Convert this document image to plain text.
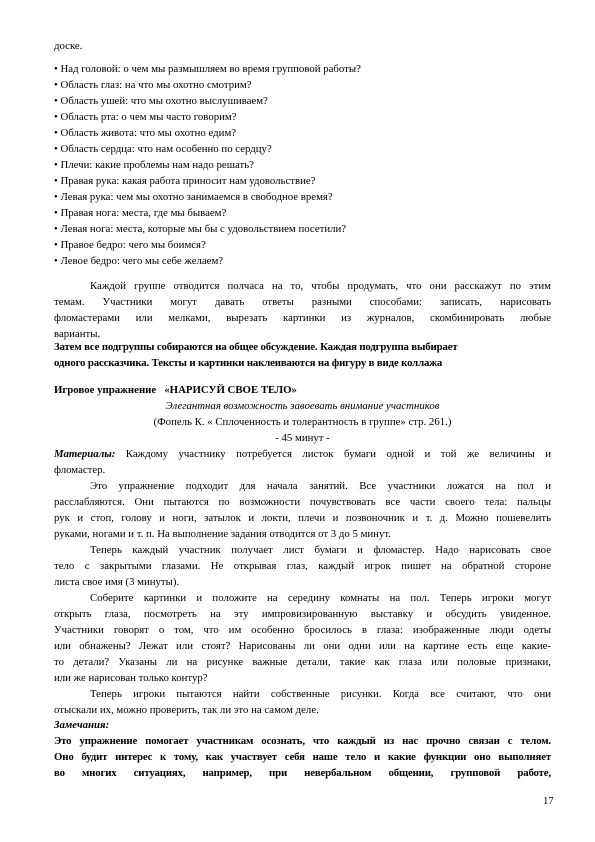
доске.
• Над головой: о чем мы размышляем во время групповой работы?
• Область глаз: на что мы охотно смотрим?
• Область ушей: что мы охотно выслушиваем?
• Область рта: о чем мы часто говорим?
• Область живота: что мы охотно едим?
• Область сердца: что нам особенно по сердцу?
• Плечи: какие проблемы нам надо решать?
• Правая рука: какая работа приносит нам удовольствие?
• Левая рука: чем мы охотно занимаемся в свободное время?
• Правая нога: места, где мы бываем?
• Левая нога: места, которые мы бы с удовольствием посетили?
• Правое бедро: чего мы боимся?
• Левое бедро: чего мы себе желаем?
Каждой группе отводится полчаса на то, чтобы продумать, что они расскажут по этим
темам. Участники могут давать ответы разными способами: записать, нарисовать
фломастерами или мелками, вырезать картинки из журналов, скомбинировать любые
варианты.
Затем все подгруппы собираются на общее обсуждение. Каждая подгруппа выбирает
одного рассказчика. Тексты и картинки наклеиваются на фигуру в виде коллажа
Игровое упражнение   «НАРИСУЙ СВОЕ ТЕЛО»
Элегантная возможность завоевать внимание участников
(Фопель К. « Сплоченность и толерантность в группе» стр. 261.)
- 45 минут -
Материалы: Каждому участнику потребуется листок бумаги одной и той же величины и
фломастер.
Это упражнение подходит для начала занятий. Все участники ложатся на пол и
расслабляются. Они пытаются по возможности почувствовать все части своего тела: пальцы
рук и стоп, голову и ноги, затылок и локти, плечи и позвоночник и т. д. Можно пошевелить
руками, ногами и т. п. На выполнение задания отводится от 3 до 5 минут.
Теперь каждый участник получает лист бумаги и фломастер. Надо нарисовать свое
тело с закрытыми глазами. Не открывая глаз, каждый игрок пишет на обратной стороне
листа свое имя (3 минуты).
Соберите картинки и положите на середину комнаты на пол. Теперь игроки могут
открыть глаза, посмотреть на эту импровизированную выставку и обсудить увиденное.
Участники говорят о том, что им особенно бросилось в глаза: изображенные люди одеты
или обнажены? Лежат или стоят? Нарисованы ли они одни или на картине есть еще какие-
то детали? Указаны ли на рисунке важные детали, такие как глаза или половые признаки,
или же нарисован только контур?
Теперь игроки пытаются найти собственные рисунки. Когда все считают, что они
отыскали их, можно проверить, так ли это на самом деле.
Замечания:
Это упражнение помогает участникам осознать, что каждый из нас прочно связан с телом.
Оно будит интерес к тому, как участвует себя наше тело и какие функции оно выполняет
во многих ситуациях, например, при невербальном общении, групповой работе,
17
